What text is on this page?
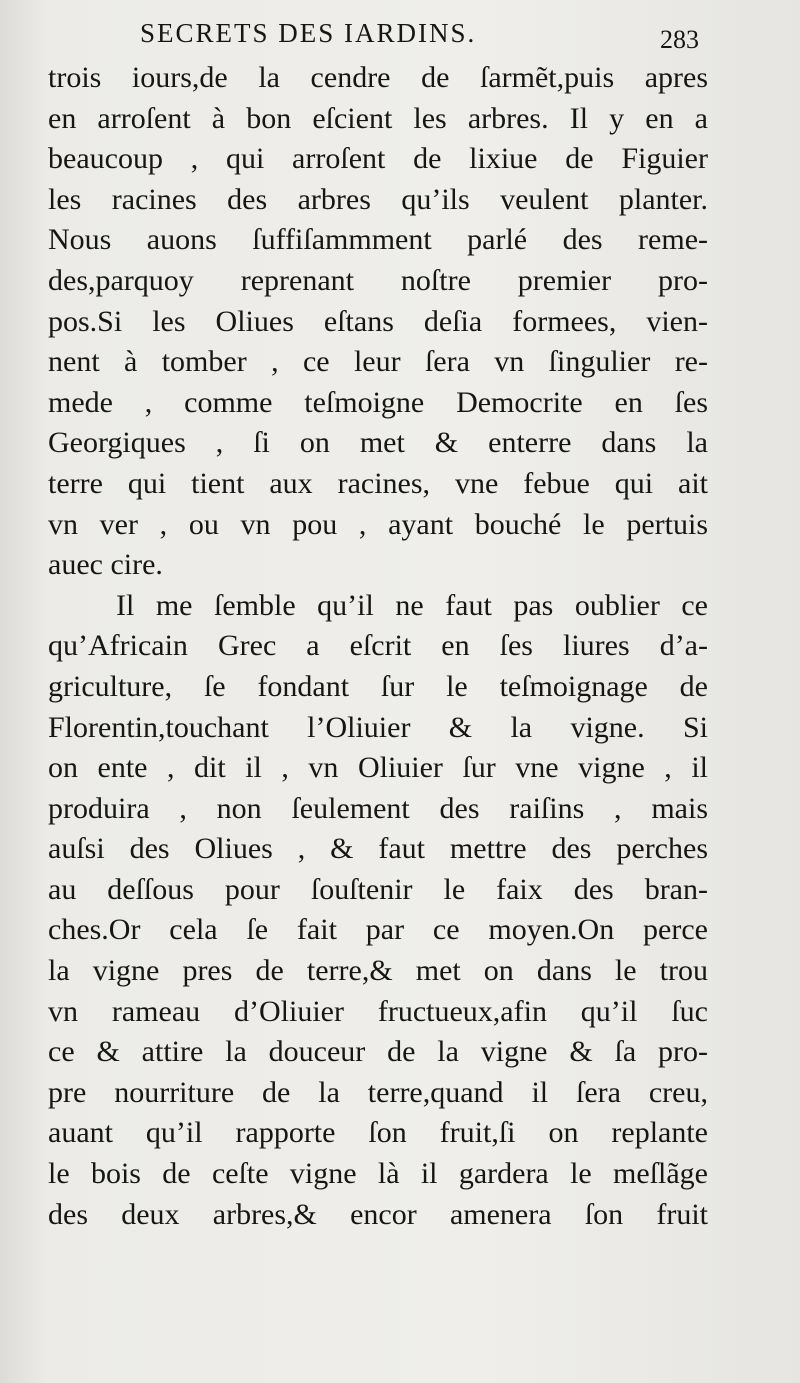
SECRETS DES IARDINS.	283
trois iours,de la cendre de ſarmẽt,puis apres
en arroſent à bon eſcient les arbres. Il y en a
beaucoup , qui arroſent de lixiue de Figuier
les racines des arbres qu’ils veulent planter.
Nous auons ſuffiſammment parlé des reme-
des,parquoy reprenant noſtre premier pro-
pos.Si les Oliues eſtans deſia formees, vien-
nent à tomber , ce leur ſera vn ſingulier re-
mede , comme teſmoigne Democrite en ſes
Georgiques , ſi on met & enterre dans la
terre qui tient aux racines, vne febue qui ait
vn ver , ou vn pou , ayant bouché le pertuis
auec cire.
Il me ſemble qu’il ne faut pas oublier ce
qu’Africain Grec a eſcrit en ſes liures d’a-
griculture, ſe fondant ſur le teſmoignage de
Florentin,touchant l’Oliuier & la vigne. Si
on ente , dit il , vn Oliuier ſur vne vigne , il
produira , non ſeulement des raiſins , mais
auſsi des Oliues , & faut mettre des perches
au deſſous pour ſouſtenir le faix des bran-
ches.Or cela ſe fait par ce moyen.On perce
la vigne pres de terre,& met on dans le trou
vn rameau d’Oliuier fructueux,afin qu’il ſuc
ce & attire la douceur de la vigne & ſa pro-
pre nourriture de la terre,quand il ſera creu,
auant qu’il rapporte ſon fruit,ſi on replante
le bois de ceſte vigne là il gardera le meſlãge
des deux arbres,& encor amenera ſon fruit
